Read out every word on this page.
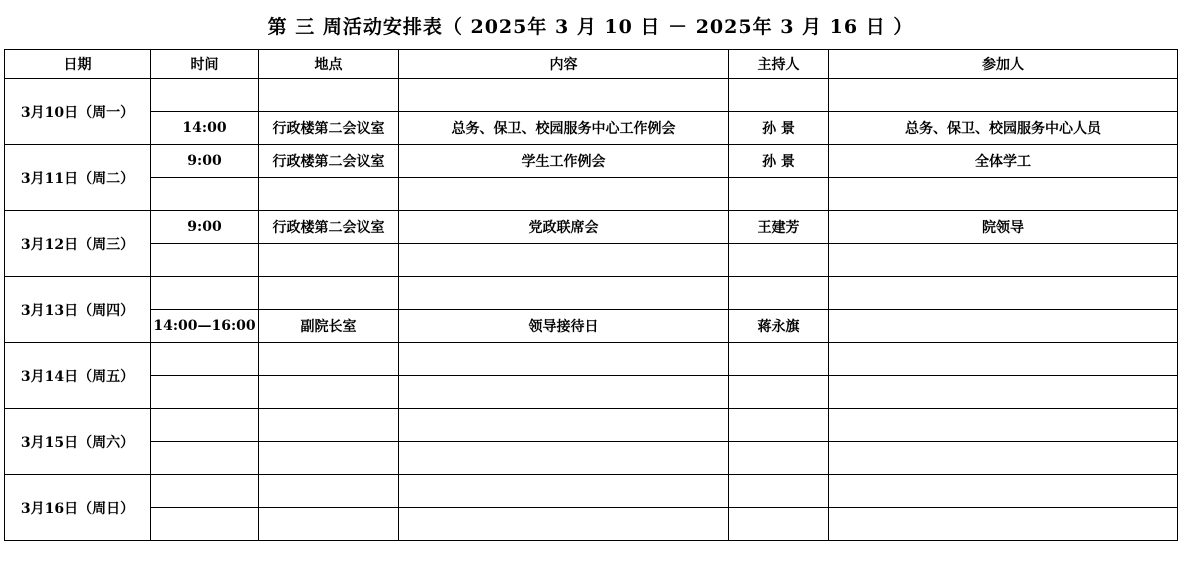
第 三 周活动安排表（ 2025年 3 月 10 日 － 2025年 3 月 16 日 ）
日期	时间	地点	内容	主持人	参加人
3月10日（周一）					
	14:00	行政楼第二会议室	总务、保卫、校园服务中心工作例会	孙 景	总务、保卫、校园服务中心人员
3月11日（周二）	9:00	行政楼第二会议室	学生工作例会	孙 景	全体学工

3月12日（周三）	9:00	行政楼第二会议室	党政联席会	王建芳	院领导

3月13日（周四）					
	14:00—16:00	副院长室	领导接待日	蒋永旗	
3月14日（周五）					

3月15日（周六）					

3月16日（周日）					
